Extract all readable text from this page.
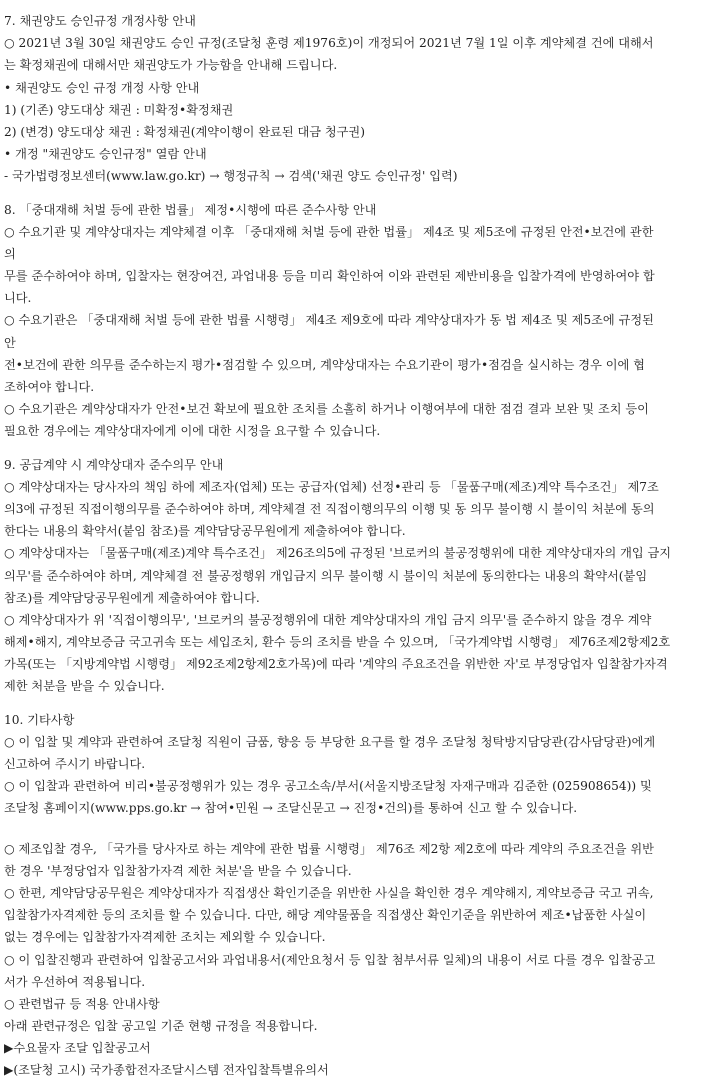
7. 채권양도 승인규정 개정사항 안내
○ 2021년 3월 30일 채권양도 승인 규정(조달청 훈령 제1976호)이 개정되어 2021년 7월 1일 이후 계약체결 건에 대해서
는 확정채권에 대해서만 채권양도가 가능함을 안내해 드립니다.
• 채권양도 승인 규정 개정 사항 안내
1) (기존) 양도대상 채권 : 미확정•확정채권
2) (변경) 양도대상 채권 : 확정채권(계약이행이 완료된 대금 청구권)
• 개정 "채권양도 승인규정" 열람 안내
- 국가법령정보센터(www.law.go.kr) → 행정규칙 → 검색('채권 양도 승인규정' 입력)
8. 「중대재해 처벌 등에 관한 법률」 제정•시행에 따른 준수사항 안내
○ 수요기관 및 계약상대자는 계약체결 이후 「중대재해 처벌 등에 관한 법률」 제4조 및 제5조에 규정된 안전•보건에 관한
의
무를 준수하여야 하며, 입찰자는 현장여건, 과업내용 등을 미리 확인하여 이와 관련된 제반비용을 입찰가격에 반영하여야 합
니다.
○ 수요기관은 「중대재해 처벌 등에 관한 법률 시행령」 제4조 제9호에 따라 계약상대자가 동 법 제4조 및 제5조에 규정된
안
전•보건에 관한 의무를 준수하는지 평가•점검할 수 있으며, 계약상대자는 수요기관이 평가•점검을 실시하는 경우 이에 협
조하여야 합니다.
○ 수요기관은 계약상대자가 안전•보건 확보에 필요한 조치를 소홀히 하거나 이행여부에 대한 점검 결과 보완 및 조치 등이
필요한 경우에는 계약상대자에게 이에 대한 시정을 요구할 수 있습니다.
9. 공급계약 시 계약상대자 준수의무 안내
○ 계약상대자는 당사자의 책임 하에 제조자(업체) 또는 공급자(업체) 선정•관리 등 「물품구매(제조)계약 특수조건」 제7조
의3에 규정된 직접이행의무를 준수하여야 하며, 계약체결 전 직접이행의무의 이행 및 동 의무 불이행 시 불이익 처분에 동의
한다는 내용의 확약서(붙임 참조)를 계약담당공무원에게 제출하여야 합니다.
○ 계약상대자는 「물품구매(제조)계약 특수조건」 제26조의5에 규정된 '브로커의 불공정행위에 대한 계약상대자의 개입 금지
의무'를 준수하여야 하며, 계약체결 전 불공정행위 개입금지 의무 불이행 시 불이익 처분에 동의한다는 내용의 확약서(붙임
참조)를 계약담당공무원에게 제출하여야 합니다.
○ 계약상대자가 위 '직접이행의무', '브로커의 불공정행위에 대한 계약상대자의 개입 금지 의무'를 준수하지 않을 경우 계약
해제•해지, 계약보증금 국고귀속 또는 세입조치, 환수 등의 조치를 받을 수 있으며, 「국가계약법 시행령」 제76조제2항제2호
가목(또는 「지방계약법 시행령」 제92조제2항제2호가목)에 따라 '계약의 주요조건을 위반한 자'로 부정당업자 입찰참가자격
제한 처분을 받을 수 있습니다.
10. 기타사항
○ 이 입찰 및 계약과 관련하여 조달청 직원이 금품, 향응 등 부당한 요구를 할 경우 조달청 청탁방지담당관(감사담당관)에게
신고하여 주시기 바랍니다.
○ 이 입찰과 관련하여 비리•불공정행위가 있는 경우 공고소속/부서(서울지방조달청 자재구매과 김준한 (025908654)) 및
조달청 홈페이지(www.pps.go.kr → 참여•민원 → 조달신문고 → 진정•건의)를 통하여 신고 할 수 있습니다.
○ 제조입찰 경우, 「국가를 당사자로 하는 계약에 관한 법률 시행령」 제76조 제2항 제2호에 따라 계약의 주요조건을 위반
한 경우 '부정당업자 입찰참가자격 제한 처분'을 받을 수 있습니다.
○ 한편, 계약담당공무원은 계약상대자가 직접생산 확인기준을 위반한 사실을 확인한 경우 계약해지, 계약보증금 국고 귀속,
입찰참가자격제한 등의 조치를 할 수 있습니다. 다만, 해당 계약물품을 직접생산 확인기준을 위반하여 제조•납품한 사실이
없는 경우에는 입찰참가자격제한 조치는 제외할 수 있습니다.
○ 이 입찰진행과 관련하여 입찰공고서와 과업내용서(제안요청서 등 입찰 첨부서류 일체)의 내용이 서로 다를 경우 입찰공고
서가 우선하여 적용됩니다.
○ 관련법규 등 적용 안내사항
아래 관련규정은 입찰 공고일 기준 현행 규정을 적용합니다.
▶수요물자 조달 입찰공고서
▶(조달청 고시) 국가종합전자조달시스템 전자입찰특별유의서
